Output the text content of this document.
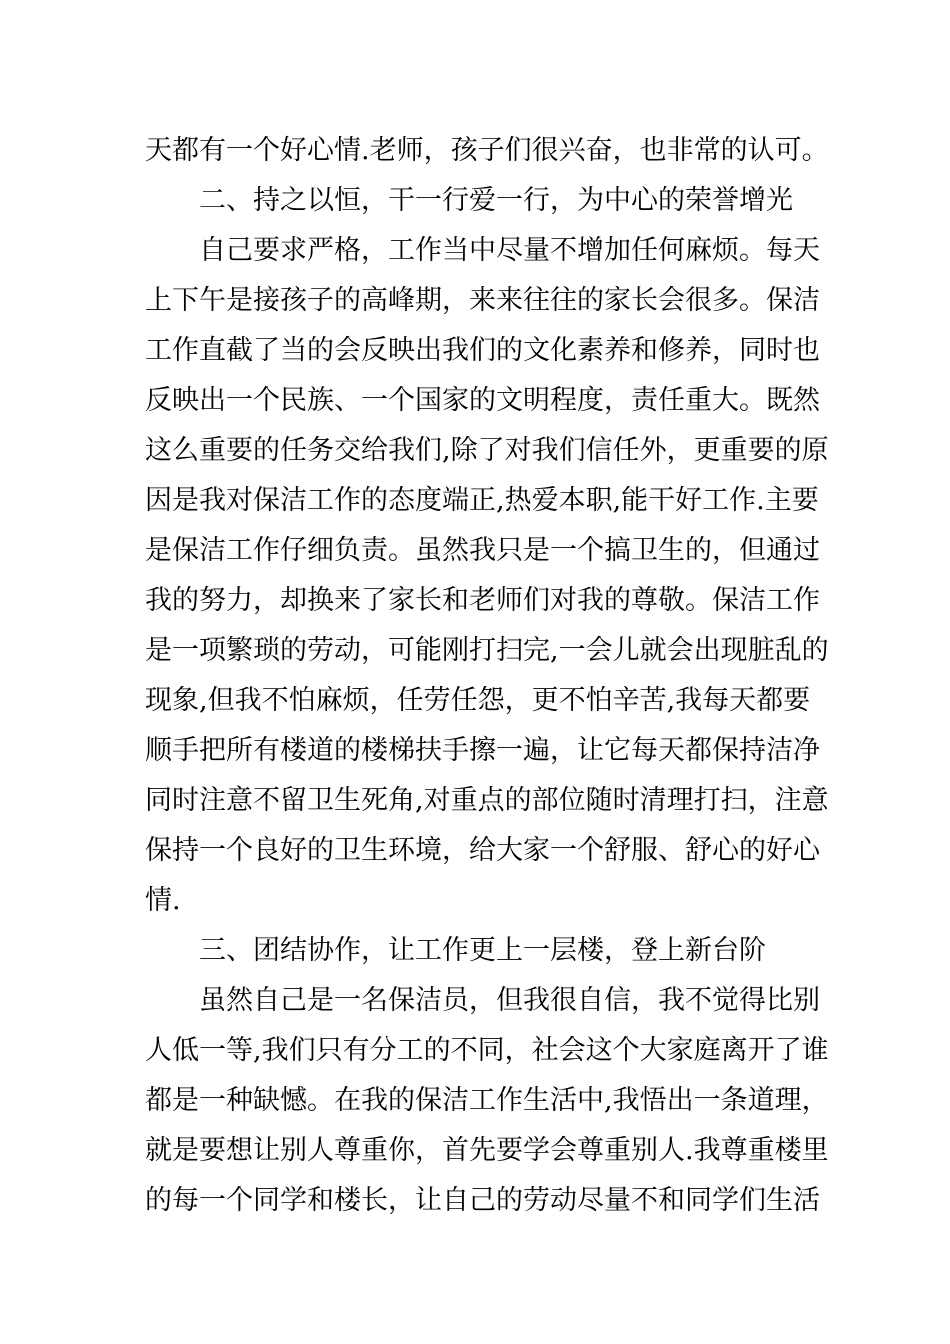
天都有一个好心情.老师，孩子们很兴奋，也非常的认可。

二、持之以恒，干一行爱一行，为中心的荣誉增光

自己要求严格，工作当中尽量不增加任何麻烦。每天
上下午是接孩子的高峰期，来来往往的家长会很多。保洁
工作直截了当的会反映出我们的文化素养和修养，同时也
反映出一个民族、一个国家的文明程度，责任重大。既然
这么重要的任务交给我们,除了对我们信任外，更重要的原
因是我对保洁工作的态度端正,热爱本职,能干好工作.主要
是保洁工作仔细负责。虽然我只是一个搞卫生的，但通过
我的努力，却换来了家长和老师们对我的尊敬。保洁工作
是一项繁琐的劳动，可能刚打扫完,一会儿就会出现脏乱的
现象,但我不怕麻烦，任劳任怨，更不怕辛苦,我每天都要
顺手把所有楼道的楼梯扶手擦一遍，让它每天都保持洁净
同时注意不留卫生死角,对重点的部位随时清理打扫，注意
保持一个良好的卫生环境，给大家一个舒服、舒心的好心
情.

三、团结协作，让工作更上一层楼，登上新台阶

虽然自己是一名保洁员，但我很自信，我不觉得比别
人低一等,我们只有分工的不同，社会这个大家庭离开了谁
都是一种缺憾。在我的保洁工作生活中,我悟出一条道理，
就是要想让别人尊重你，首先要学会尊重别人.我尊重楼里
的每一个同学和楼长，让自己的劳动尽量不和同学们生活
